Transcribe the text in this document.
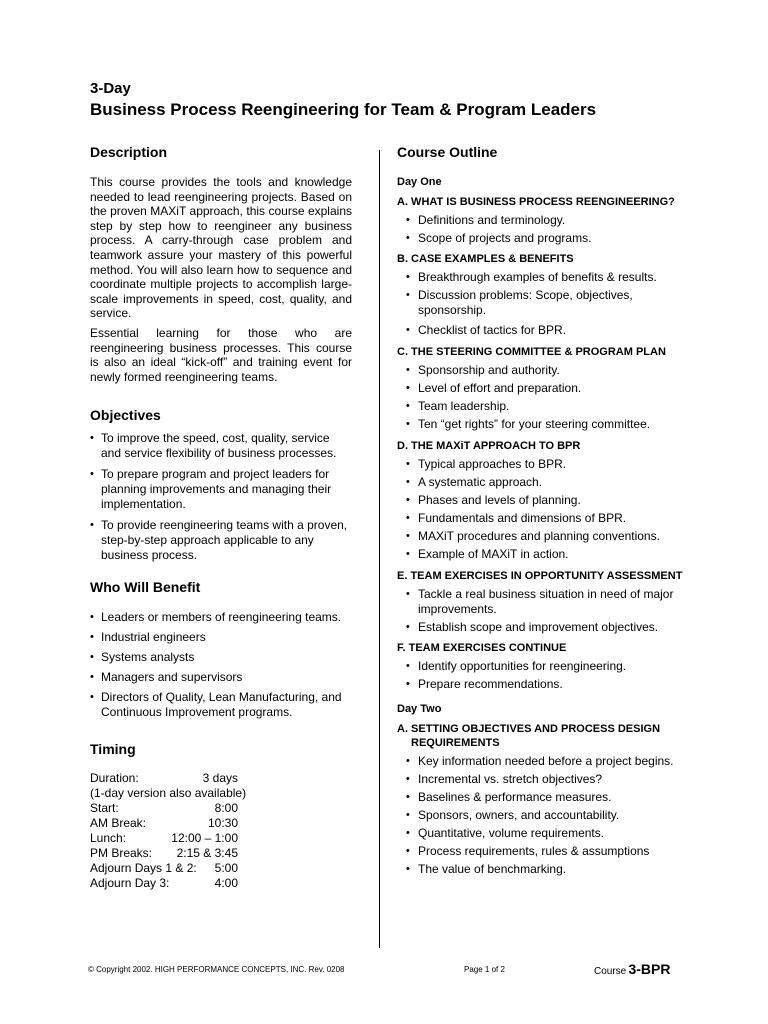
3-Day
Business Process Reengineering for Team & Program Leaders
Description

This course provides the tools and knowledge needed to lead reengineering projects. Based on the proven MAXiT approach, this course explains step by step how to reengineer any business process. A carry-through case problem and teamwork assure your mastery of this powerful method. You will also learn how to sequence and coordinate multiple projects to accomplish large-scale improvements in speed, cost, quality, and service.

Essential learning for those who are reengineering business processes. This course is also an ideal “kick-off” and training event for newly formed reengineering teams.

Objectives
• To improve the speed, cost, quality, service and service flexibility of business processes.
• To prepare program and project leaders for planning improvements and managing their implementation.
• To provide reengineering teams with a proven, step-by-step approach applicable to any business process.
Who Will Benefit
• Leaders or members of reengineering teams.
• Industrial engineers
• Systems analysts
• Managers and supervisors
• Directors of Quality, Lean Manufacturing, and Continuous Improvement programs.
Timing
Duration:	3 days
(1-day version also available)
Start:	8:00
AM Break:	10:30
Lunch:	12:00 – 1:00
PM Breaks:	2:15 & 3:45
Adjourn Days 1 & 2:	5:00
Adjourn Day 3:	4:00
Course Outline
Day One
A. WHAT IS BUSINESS PROCESS REENGINEERING?
• Definitions and terminology.
• Scope of projects and programs.
B. CASE EXAMPLES & BENEFITS
• Breakthrough examples of benefits & results.
• Discussion problems: Scope, objectives, sponsorship.
• Checklist of tactics for BPR.
C. THE STEERING COMMITTEE & PROGRAM PLAN
• Sponsorship and authority.
• Level of effort and preparation.
• Team leadership.
• Ten “get rights” for your steering committee.
D. THE MAXiT APPROACH TO BPR
• Typical approaches to BPR.
• A systematic approach.
• Phases and levels of planning.
• Fundamentals and dimensions of BPR.
• MAXiT procedures and planning conventions.
• Example of MAXiT in action.
E. TEAM EXERCISES IN OPPORTUNITY ASSESSMENT
• Tackle a real business situation in need of major improvements.
• Establish scope and improvement objectives.
F. TEAM EXERCISES CONTINUE
• Identify opportunities for reengineering.
• Prepare recommendations.
Day Two
A. SETTING OBJECTIVES AND PROCESS DESIGN REQUIREMENTS
• Key information needed before a project begins.
• Incremental vs. stretch objectives?
• Baselines & performance measures.
• Sponsors, owners, and accountability.
• Quantitative, volume requirements.
• Process requirements, rules & assumptions
• The value of benchmarking.
© Copyright 2002. HIGH PERFORMANCE CONCEPTS, INC. Rev. 0208	Page 1 of 2	Course 3-BPR
